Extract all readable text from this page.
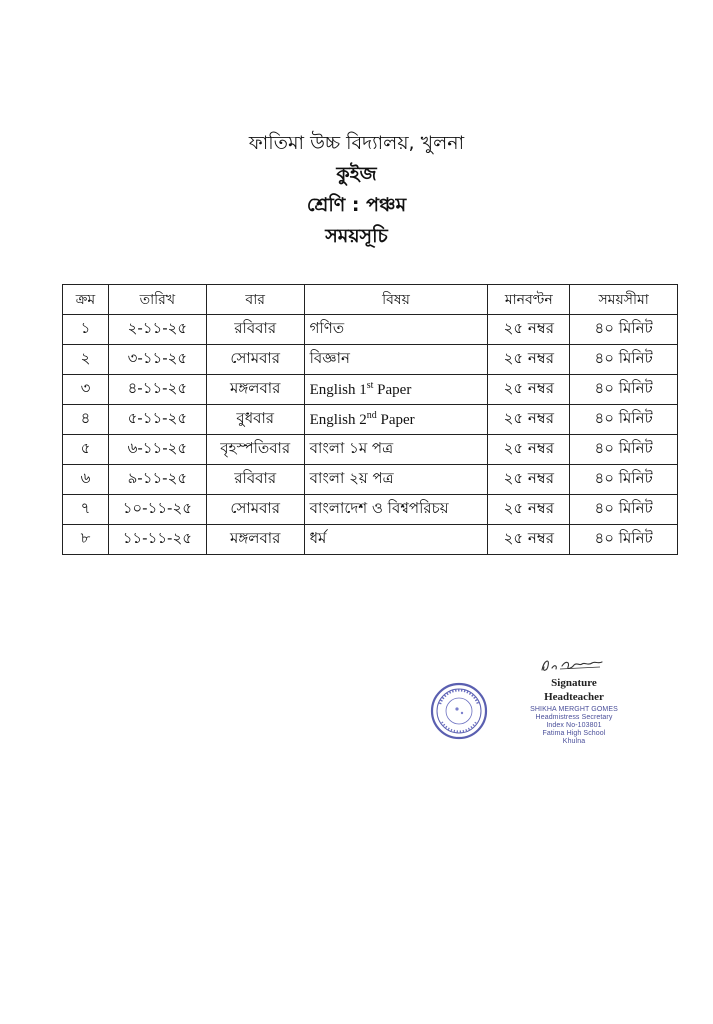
ফাতিমা উচ্চ বিদ্যালয়, খুলনা
কুইজ
শ্রেণি : পঞ্চম
সময়সূচি
ক্রম	তারিখ	বার	বিষয়	মানবণ্টন	সময়সীমা
১	২-১১-২৫	রবিবার	গণিত	২৫ নম্বর	৪০ মিনিট
২	৩-১১-২৫	সোমবার	বিজ্ঞান	২৫ নম্বর	৪০ মিনিট
৩	৪-১১-২৫	মঙ্গলবার	English 1st Paper	২৫ নম্বর	৪০ মিনিট
৪	৫-১১-২৫	বুধবার	English 2nd Paper	২৫ নম্বর	৪০ মিনিট
৫	৬-১১-২৫	বৃহস্পতিবার	বাংলা ১ম পত্র	২৫ নম্বর	৪০ মিনিট
৬	৯-১১-২৫	রবিবার	বাংলা ২য় পত্র	২৫ নম্বর	৪০ মিনিট
৭	১০-১১-২৫	সোমবার	বাংলাদেশ ও বিশ্বপরিচয়	২৫ নম্বর	৪০ মিনিট
৮	১১-১১-২৫	মঙ্গলবার	ধর্ম	২৫ নম্বর	৪০ মিনিট
Signature
Headteacher
SHIKHA MERGHT GOMES
Headmistress Secretary
Index No-103801
Fatima High School
Khulna
